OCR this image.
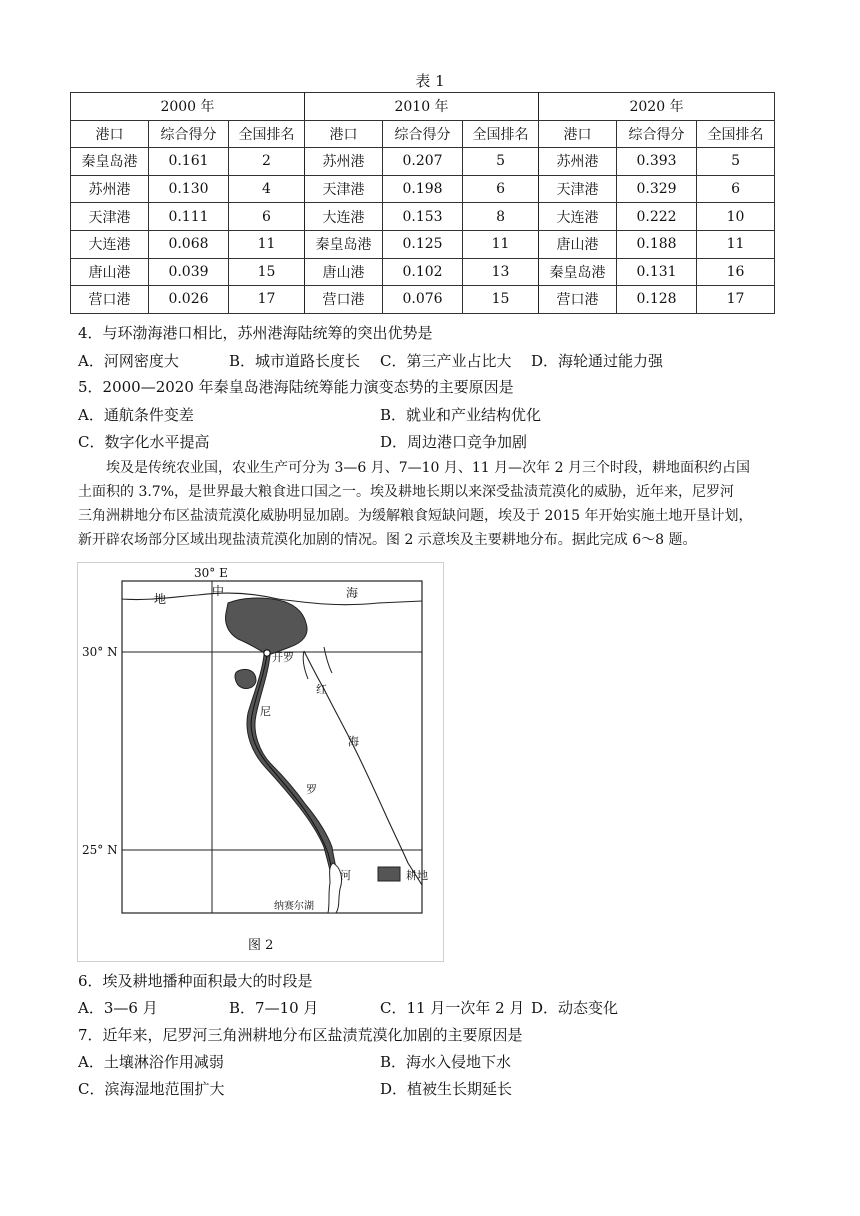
表 1
2000 年			2010 年			2020 年		
港口	综合得分	全国排名	港口	综合得分	全国排名	港口	综合得分	全国排名
秦皇岛港	0.161	2	苏州港	0.207	5	苏州港	0.393	5
苏州港	0.130	4	天津港	0.198	6	天津港	0.329	6
天津港	0.111	6	大连港	0.153	8	大连港	0.222	10
大连港	0.068	11	秦皇岛港	0.125	11	唐山港	0.188	11
唐山港	0.039	15	唐山港	0.102	13	秦皇岛港	0.131	16
营口港	0.026	17	营口港	0.076	15	营口港	0.128	17
4．与环渤海港口相比，苏州港海陆统筹的突出优势是
A．河网密度大	B．城市道路长度长 C．第三产业占比大 D．海轮通过能力强
5．2000—2020 年秦皇岛港海陆统筹能力演变态势的主要原因是
A．通航条件变差	B．就业和产业结构优化
C．数字化水平提高	D．周边港口竞争加剧

埃及是传统农业国，农业生产可分为 3—6 月、7—10 月、11 月—次年 2 月三个时段，耕地面积约占国

土面积的 3.7%，是世界最大粮食进口国之一。埃及耕地长期以来深受盐渍荒漠化的威胁，近年来，尼罗河

三角洲耕地分布区盐渍荒漠化威胁明显加剧。为缓解粮食短缺问题，埃及于 2015 年开始实施土地开垦计划，

新开辟农场部分区域出现盐渍荒漠化加剧的情况。图 2 示意埃及主要耕地分布。据此完成 6～8 题。

30° E
30° N
25° N
地
中	海
开罗
尼
罗
河
红
海
纳赛尔湖
耕地
图 2
6．埃及耕地播种面积最大的时段是
A．3—6 月	B．7—10 月	C．11 月一次年 2 月 D．动态变化
7．近年来，尼罗河三角洲耕地分布区盐渍荒漠化加剧的主要原因是
A．土壤淋浴作用减弱	B．海水入侵地下水
C．滨海湿地范围扩大	D．植被生长期延长
